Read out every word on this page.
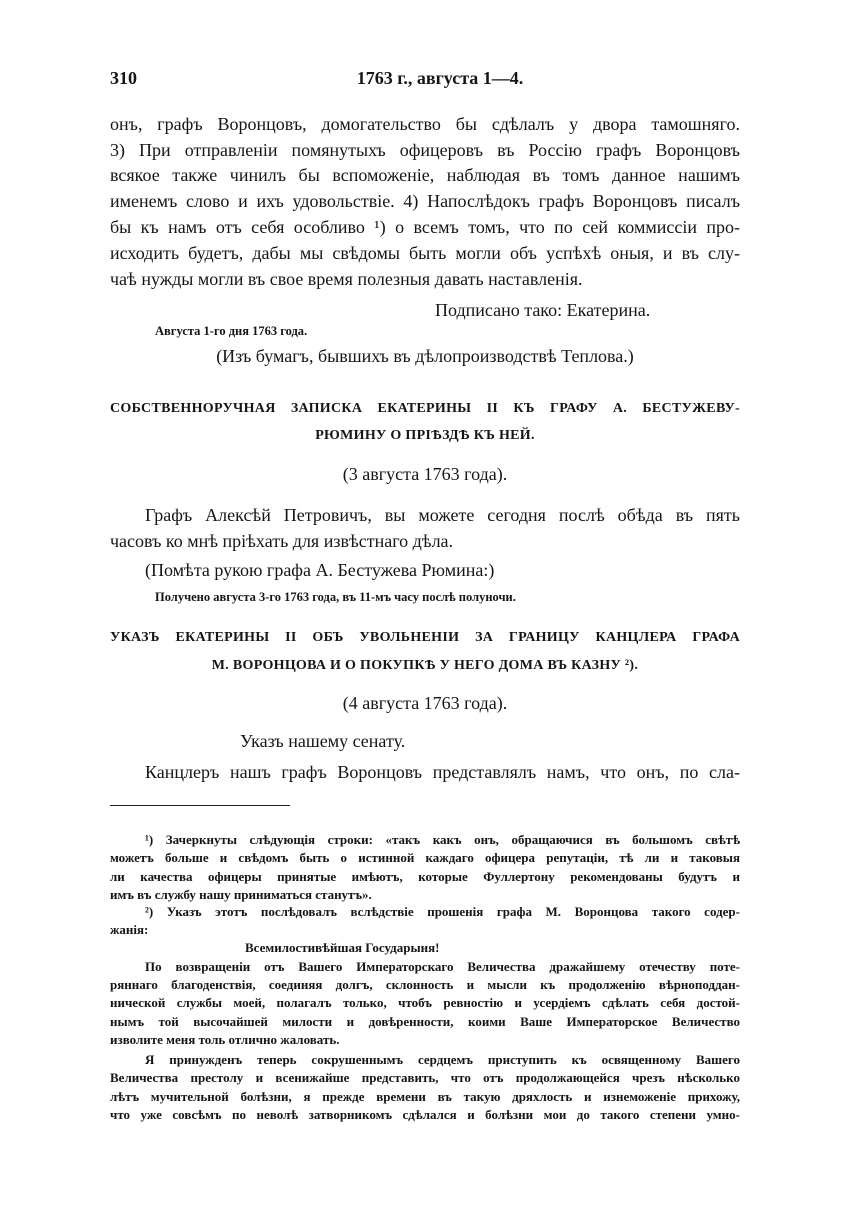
310	1763 г., августа 1—4.
онъ, графъ Воронцовъ, домогательство бы сдѣлалъ у двора тамошняго.
3) При отправленіи помянутыхъ офицеровъ въ Россію графъ Воронцовъ
всякое также чинилъ бы вспоможеніе, наблюдая въ томъ данное нашимъ
именемъ слово и ихъ удовольствіе. 4) Напослѣдокъ графъ Воронцовъ писалъ
бы къ намъ отъ себя особливо ¹) о всемъ томъ, что по сей коммиссіи про-
исходить будетъ, дабы мы свѣдомы быть могли объ успѣхѣ оныя, и въ слу-
чаѣ нужды могли въ свое время полезныя давать наставленія.
Подписано тако: Екатерина.
Августа 1-го дня 1763 года.
(Изъ бумагъ, бывшихъ въ дѣлопроизводствѣ Теплова.)
СОБСТВЕННОРУЧНАЯ ЗАПИСКА ЕКАТЕРИНЫ II КЪ ГРАФУ А. БЕСТУЖЕВУ-
РЮМИНУ О ПРІѢЗДѢ КЪ НЕЙ.
(3 августа 1763 года).
Графъ Алексѣй Петровичъ, вы можете сегодня послѣ обѣда въ пять
часовъ ко мнѣ пріѣхать для извѣстнаго дѣла.
(Помѣта рукою графа А. Бестужева Рюмина:)
Получено августа 3-го 1763 года, въ 11-мъ часу послѣ полуночи.
УКАЗЪ ЕКАТЕРИНЫ II ОБЪ УВОЛЬНЕНІИ ЗА ГРАНИЦУ КАНЦЛЕРА ГРАФА
М. ВОРОНЦОВА И О ПОКУПКѢ У НЕГО ДОМА ВЪ КАЗНУ ²).
(4 августа 1763 года).
Указъ нашему сенату.
Канцлеръ нашъ графъ Воронцовъ представлялъ намъ, что онъ, по сла-
¹) Зачеркнуты слѣдующія строки: «такъ какъ онъ, обращаючися въ большомъ свѣтѣ
можетъ больше и свѣдомъ быть о истинной каждаго офицера репутаціи, тѣ ли и таковыя
ли качества офицеры принятые имѣютъ, которые Фуллертону рекомендованы будутъ и
имъ въ службу нашу приниматься станутъ».
²) Указъ этотъ послѣдовалъ вслѣдствіе прошенія графа М. Воронцова такого содер-
жанія:
Всемилостивѣйшая Государыня!
По возвращеніи отъ Вашего Императорскаго Величества дражайшему отечеству поте-
ряннаго благоденствія, соединяя долгъ, склонность и мысли къ продолженію вѣрноподдан-
нической службы моей, полагалъ только, чтобъ ревностію и усердіемъ сдѣлать себя достой-
нымъ той высочайшей милости и довѣренности, коими Ваше Императорское Величество
изволите меня толь отлично жаловать.
Я принужденъ теперь сокрушеннымъ сердцемъ приступить къ освященному Вашего
Величества престолу и всенижайше представить, что отъ продолжающейся чрезъ нѣсколько
лѣтъ мучительной болѣзни, я прежде времени въ такую дряхлость и изнеможеніе прихожу,
что уже совсѣмъ по неволѣ затворникомъ сдѣлался и болѣзни мои до такого степени умно-
